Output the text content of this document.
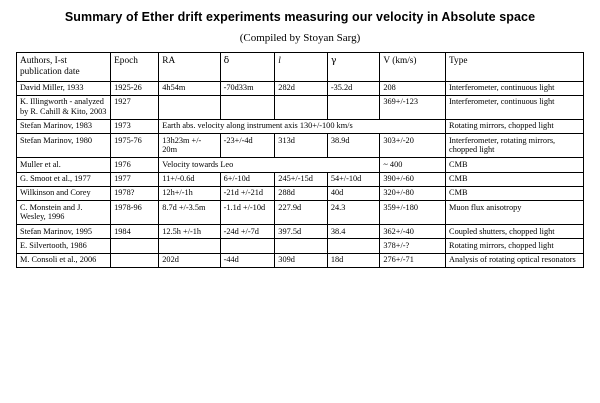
Summary of Ether drift experiments measuring our velocity in Absolute space
(Compiled by Stoyan Sarg)
Authors, I-st publication date	Epoch	RA	δ	l	γ	V (km/s)	Type
David Miller, 1933	1925-26	4h54m	-70d33m	282d	-35.2d	208	Interferometer, continuous light
K. Illingworth - analyzed by R. Cahill & Kito, 2003	1927					369+/-123	Interferometer, continuous light
Stefan Marinov, 1983	1973	Earth abs. velocity along instrument axis 130+/-100 km/s					Rotating mirrors, chopped light
Stefan Marinov, 1980	1975-76	13h23m +/- 20m	-23+/-4d	313d	38.9d	303+/-20	Interferometer, rotating mirrors, chopped light
Muller et al.	1976	Velocity towards Leo				~ 400	CMB
G. Smoot et al., 1977	1977	11+/-0.6d	6+/-10d	245+/-15d	54+/-10d	390+/-60	CMB
Wilkinson and Corey	1978?	12h+/-1h	-21d +/-21d	288d	40d	320+/-80	CMB
C. Monstein and J. Wesley, 1996	1978-96	8.7d +/-3.5m	-1.1d +/-10d	227.9d	24.3	359+/-180	Muon flux anisotropy
Stefan Marinov, 1995	1984	12.5h +/-1h	-24d +/-7d	397.5d	38.4	362+/-40	Coupled shutters, chopped light
E. Silvertooth, 1986						378+/-?	Rotating mirrors, chopped light
M. Consoli et al., 2006		202d	-44d	309d	18d	276+/-71	Analysis of rotating optical resonators
